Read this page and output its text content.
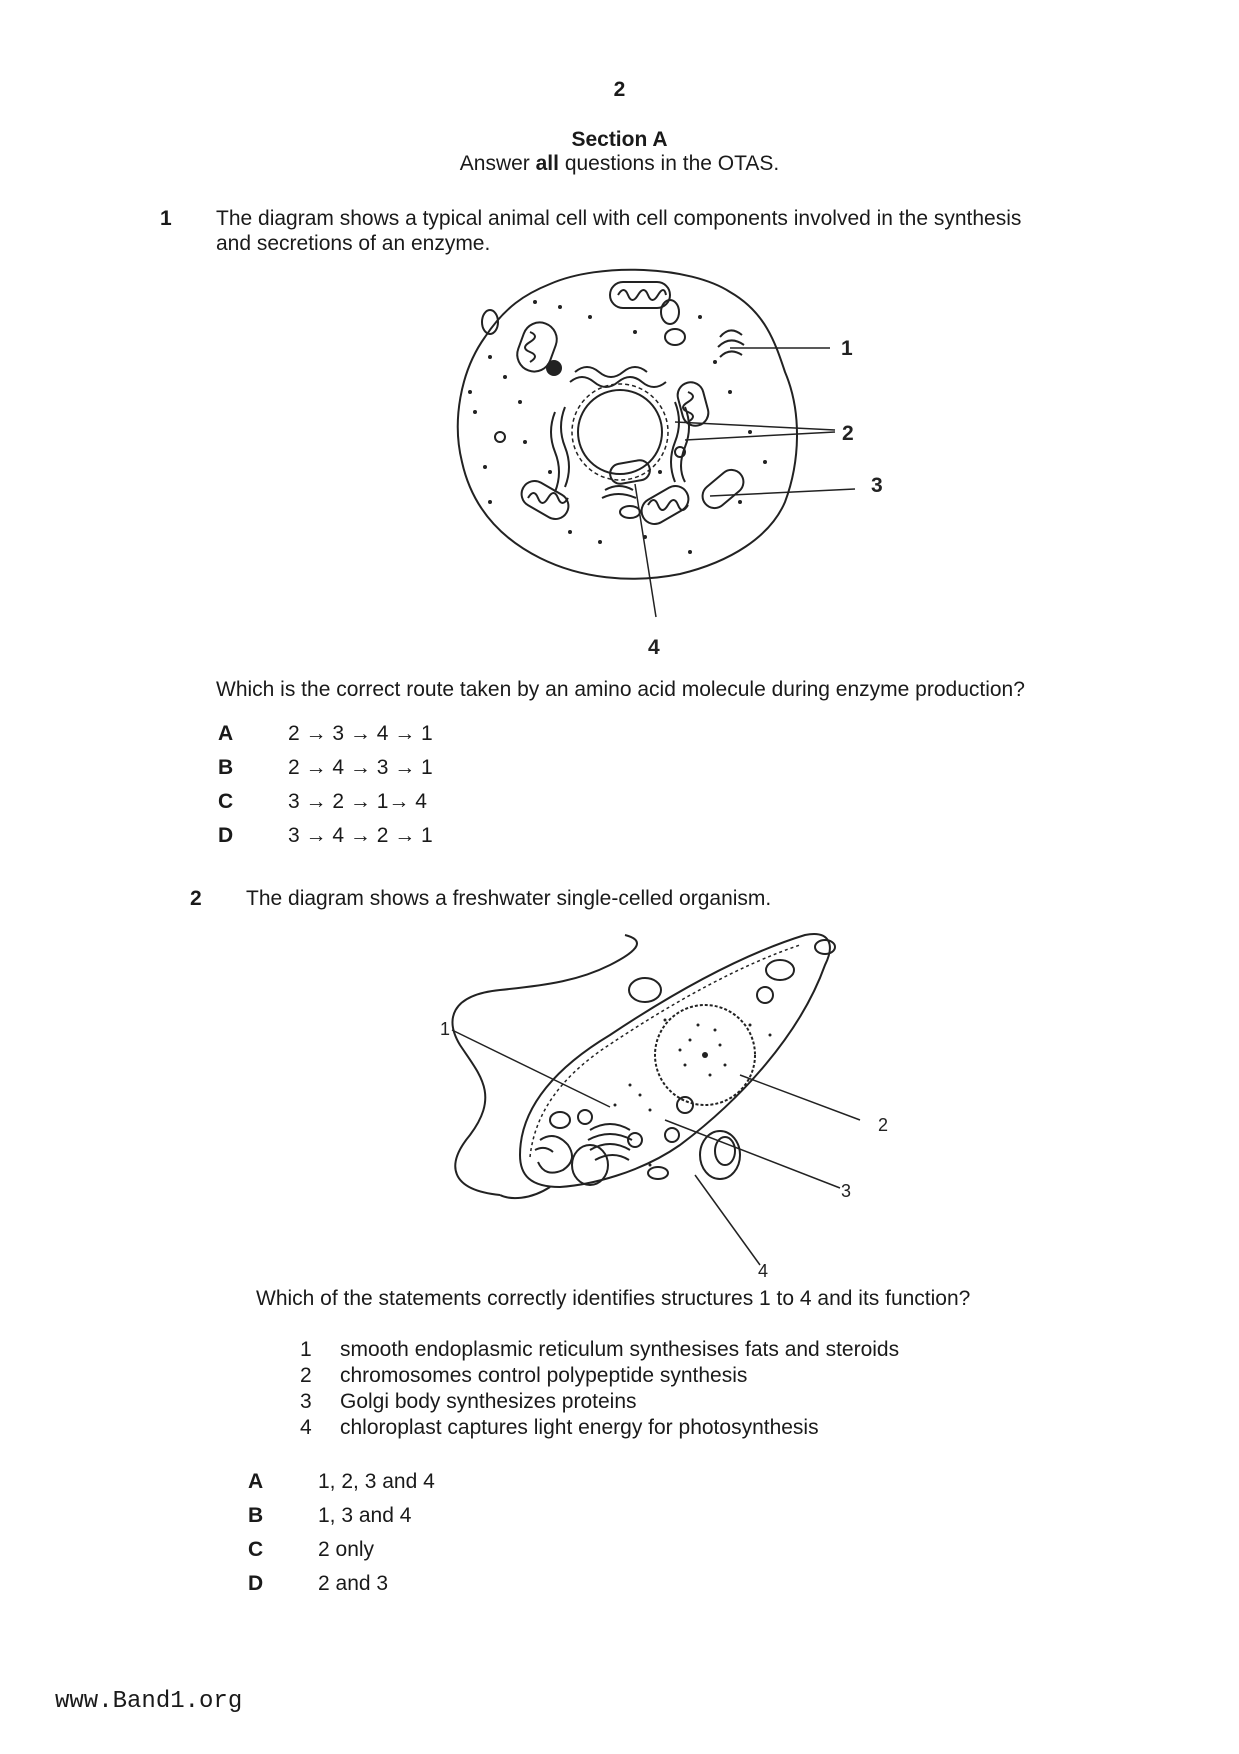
2
Section A
Answer all questions in the OTAS.
1 The diagram shows a typical animal cell with cell components involved in the synthesis
and secretions of an enzyme.
1
2
3
4
Which is the correct route taken by an amino acid molecule during enzyme production?
A	2 → 3 → 4 → 1
B	2 → 4 → 3 → 1
C	3 → 2 → 1→ 4
D	3 → 4 → 2 → 1
2 The diagram shows a freshwater single-celled organism.
1
2
3
4
Which of the statements correctly identifies structures 1 to 4 and its function?
1 smooth endoplasmic reticulum synthesises fats and steroids
2 chromosomes control polypeptide synthesis
3 Golgi body synthesizes proteins
4 chloroplast captures light energy for photosynthesis
A	1, 2, 3 and 4
B	1, 3 and 4
C	2 only
D	2 and 3
www.Band1.org
